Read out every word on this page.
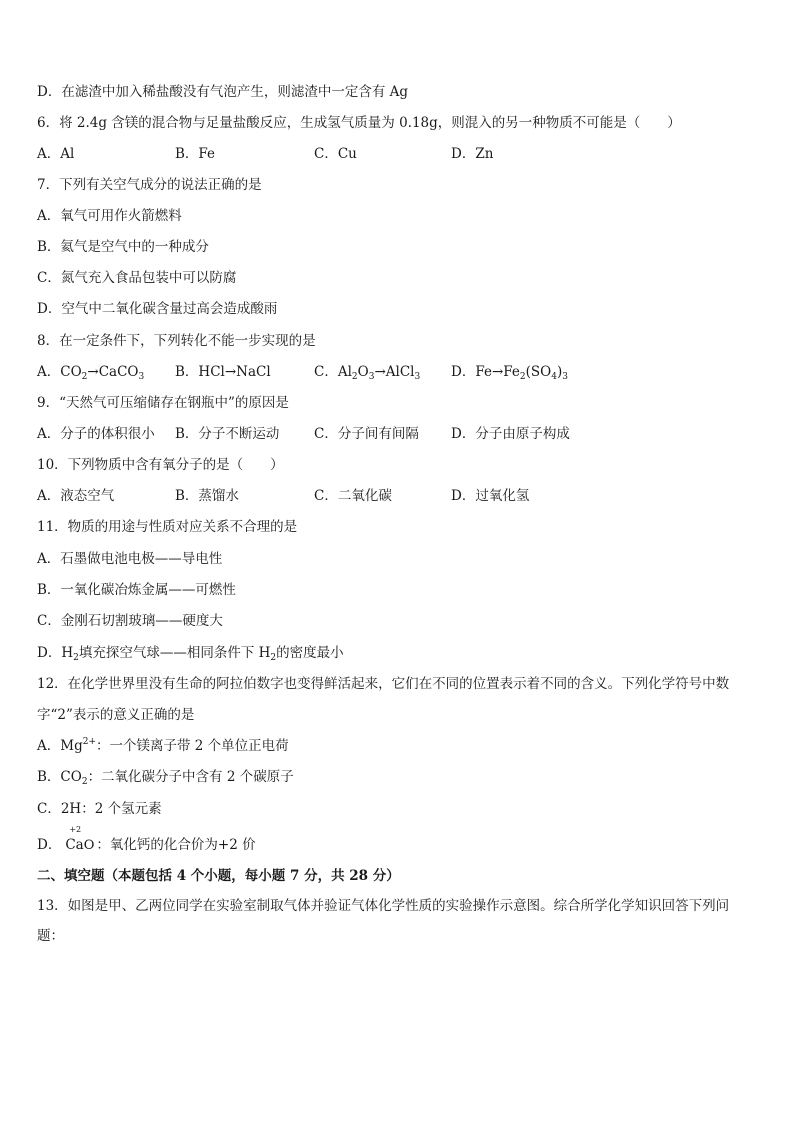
D．在滤渣中加入稀盐酸没有气泡产生，则滤渣中一定含有 Ag
6．将 2.4g 含镁的混合物与足量盐酸反应，生成氢气质量为 0.18g，则混入的另一种物质不可能是（　　）
A．Al	B．Fe	C．Cu	D．Zn
7．下列有关空气成分的说法正确的是
A．氧气可用作火箭燃料
B．氦气是空气中的一种成分
C．氮气充入食品包装中可以防腐
D．空气中二氧化碳含量过高会造成酸雨
8．在一定条件下，下列转化不能一步实现的是
A．$CO_2\to CaCO_3$ B．HCl→NaCl	C．$Al_2O_3\to AlCl_3$ D．$Fe\to Fe_2(SO_4)_3$
9．“天然气可压缩储存在钢瓶中”的原因是
A．分子的体积很小 B．分子不断运动	C．分子间有间隔 D．分子由原子构成
10．下列物质中含有氧分子的是（　　）
A．液态空气	B．蒸馏水	C．二氧化碳	D．过氧化氢
11．物质的用途与性质对应关系不合理的是
A．石墨做电池电极——导电性
B．一氧化碳冶炼金属——可燃性
C．金刚石切割玻璃——硬度大
D．$H_2$填充探空气球——相同条件下 $H_2$的密度最小
12．在化学世界里没有生命的阿拉伯数字也变得鲜活起来，它们在不同的位置表示着不同的含义。下列化学符号中数
字“2”表示的意义正确的是
A．$Mg^{2+}$：一个镁离子带 2 个单位正电荷
B．$CO_2$：二氧化碳分子中含有 2 个碳原子
C．2H：2 个氢元素
D．
+2
CaO ：氧化钙的化合价为+2 价
二、填空题（本题包括 4 个小题，每小题 7 分，共 28 分）
13．如图是甲、乙两位同学在实验室制取气体并验证气体化学性质的实验操作示意图。综合所学化学知识回答下列问
题：
